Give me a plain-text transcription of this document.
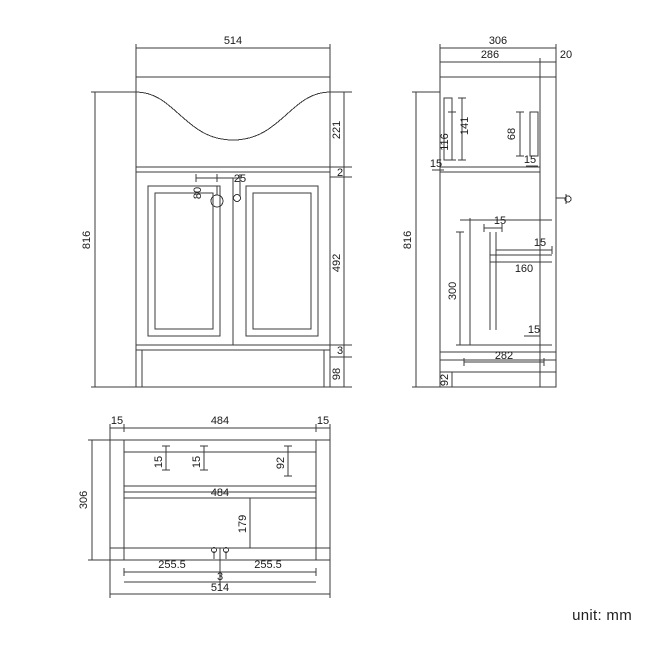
514
816
221
2
492
3
98
80
25
306
286	20
816
141
116
15	15
68
15
15
160
300
15
282
92
15	484	15
306
15 15	92
484
179
255.5	255.5
3
514
unit: mm
